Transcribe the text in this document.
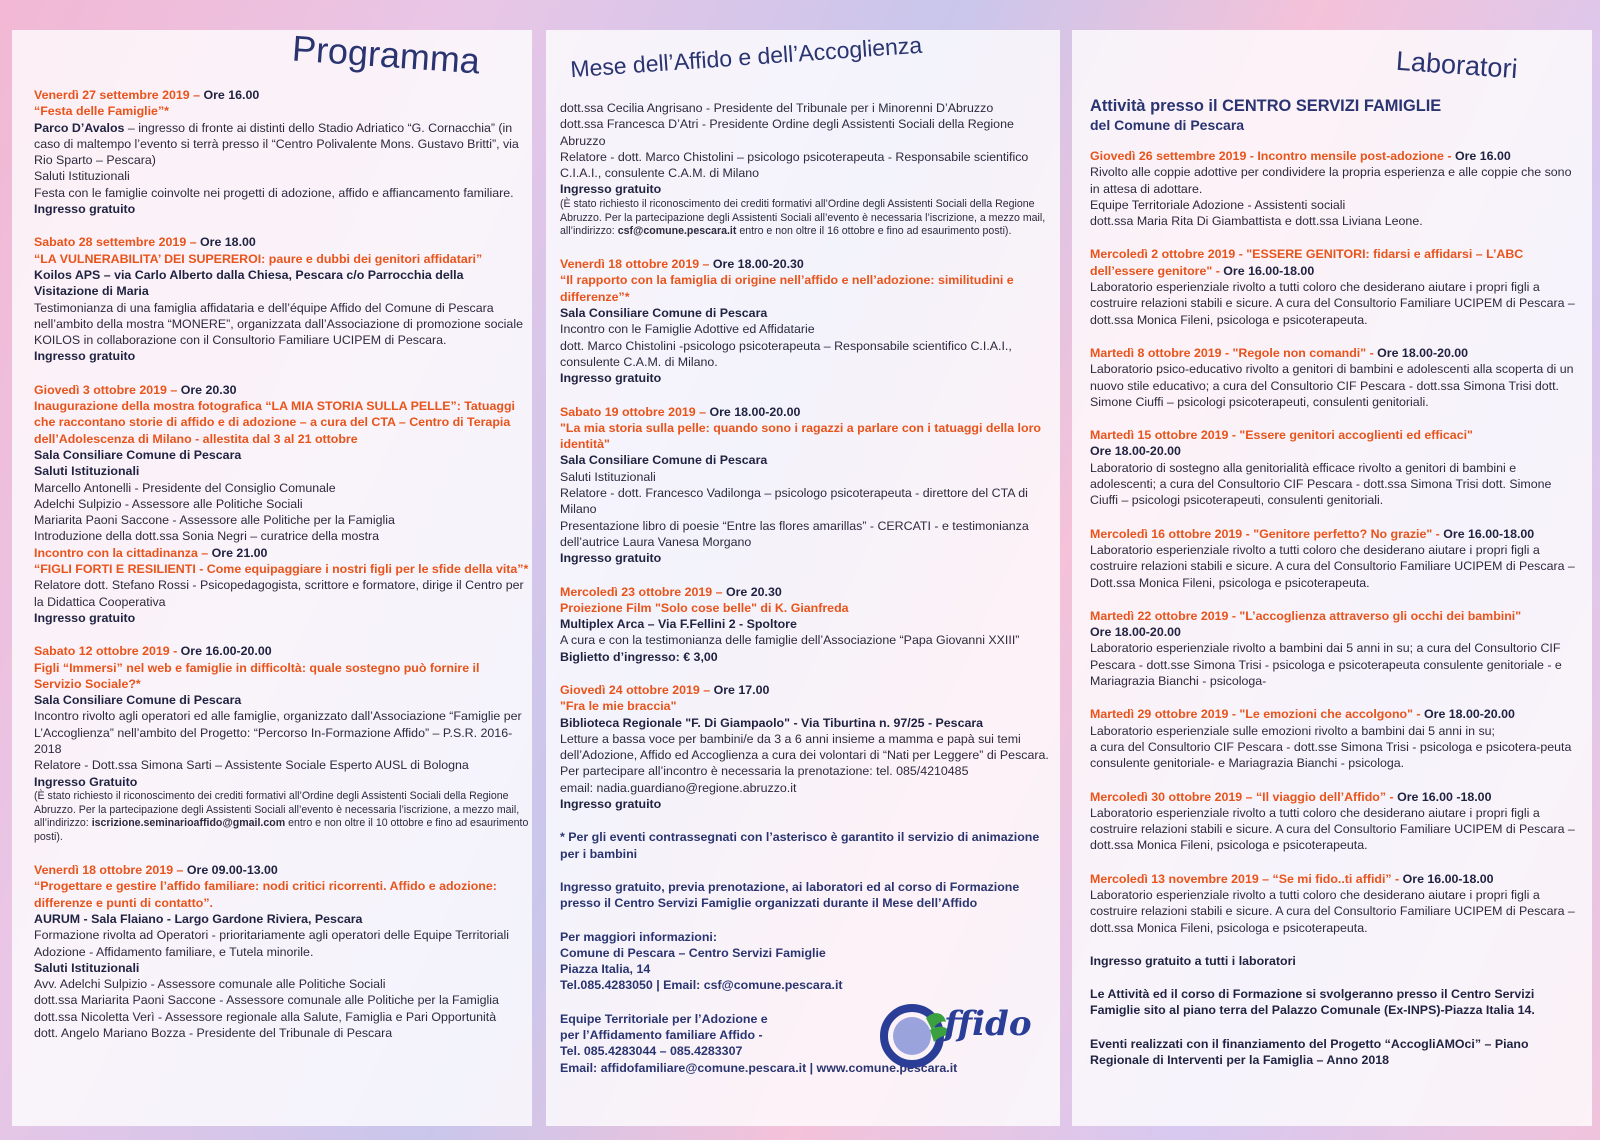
Programma	Mese dell’Affido e dell’Accoglienza	Laboratori
Venerdì 27 settembre 2019 – Ore 16.00
“Festa delle Famiglie”*
Parco D’Avalos – ingresso di fronte ai distinti dello Stadio Adriatico “G. Cornacchia” (in caso di maltempo l’evento si terrà presso il “Centro Polivalente Mons. Gustavo Britti”, via Rio Sparto – Pescara)
Saluti Istituzionali
Festa con le famiglie coinvolte nei progetti di adozione, affido e affiancamento familiare.
Ingresso gratuito
Sabato 28 settembre 2019 – Ore 18.00
“LA VULNERABILITA’ DEI SUPEREROI: paure e dubbi dei genitori affidatari”
Koilos APS – via Carlo Alberto dalla Chiesa, Pescara c/o Parrocchia della Visitazione di Maria
Testimonianza di una famiglia affidataria e dell’équipe Affido del Comune di Pescara nell’ambito della mostra “MONERE”, organizzata dall’Associazione di promozione sociale KOILOS in collaborazione con il Consultorio Familiare UCIPEM di Pescara.
Ingresso gratuito
Giovedì 3 ottobre 2019 – Ore 20.30
Inaugurazione della mostra fotografica “LA MIA STORIA SULLA PELLE”: Tatuaggi che raccontano storie di affido e di adozione – a cura del CTA – Centro di Terapia dell’Adolescenza di Milano - allestita dal 3 al 21 ottobre
Sala Consiliare Comune di Pescara
Saluti Istituzionali
Marcello Antonelli - Presidente del Consiglio Comunale
Adelchi Sulpizio - Assessore alle Politiche Sociali
Mariarita Paoni Saccone - Assessore alle Politiche per la Famiglia
Introduzione della dott.ssa Sonia Negri – curatrice della mostra
Incontro con la cittadinanza – Ore 21.00
“FIGLI FORTI E RESILIENTI - Come equipaggiare i nostri figli per le sfide della vita”*
Relatore dott. Stefano Rossi - Psicopedagogista, scrittore e formatore, dirige il Centro per la Didattica Cooperativa
Ingresso gratuito
Sabato 12 ottobre 2019 - Ore 16.00-20.00
Figli “Immersi” nel web e famiglie in difficoltà: quale sostegno può fornire il Servizio Sociale?*
Sala Consiliare Comune di Pescara
Incontro rivolto agli operatori ed alle famiglie, organizzato dall’Associazione “Famiglie per L’Accoglienza” nell’ambito del Progetto: “Percorso In-Formazione Affido” – P.S.R. 2016-2018
Relatore - Dott.ssa Simona Sarti – Assistente Sociale Esperto AUSL di Bologna
Ingresso Gratuito
(È stato richiesto il riconoscimento dei crediti formativi all’Ordine degli Assistenti Sociali della Regione Abruzzo. Per la partecipazione degli Assistenti Sociali all’evento è necessaria l’iscrizione, a mezzo mail, all’indirizzo: iscrizione.seminarioaffido@gmail.com entro e non oltre il 10 ottobre e fino ad esaurimento posti).
Venerdì 18 ottobre 2019 – Ore 09.00-13.00
“Progettare e gestire l’affido familiare: nodi critici ricorrenti. Affido e adozione: differenze e punti di contatto”.
AURUM - Sala Flaiano - Largo Gardone Riviera, Pescara
Formazione rivolta ad Operatori - prioritariamente agli operatori delle Equipe Territoriali Adozione - Affidamento familiare, e Tutela minorile.
Saluti Istituzionali
Avv. Adelchi Sulpizio - Assessore comunale alle Politiche Sociali
dott.ssa Mariarita Paoni Saccone - Assessore comunale alle Politiche per la Famiglia
dott.ssa Nicoletta Verì - Assessore regionale alla Salute, Famiglia e Pari Opportunità
dott. Angelo Mariano Bozza - Presidente del Tribunale di Pescara
dott.ssa Cecilia Angrisano - Presidente del Tribunale per i Minorenni D’Abruzzo
dott.ssa Francesca D’Atri - Presidente Ordine degli Assistenti Sociali della Regione Abruzzo
Relatore - dott. Marco Chistolini – psicologo psicoterapeuta - Responsabile scientifico C.I.A.I., consulente C.A.M. di Milano
Ingresso gratuito
(È stato richiesto il riconoscimento dei crediti formativi all’Ordine degli Assistenti Sociali della Regione Abruzzo. Per la partecipazione degli Assistenti Sociali all’evento è necessaria l’iscrizione, a mezzo mail, all’indirizzo: csf@comune.pescara.it entro e non oltre il 16 ottobre e fino ad esaurimento posti).
Venerdì 18 ottobre 2019 – Ore 18.00-20.30
“Il rapporto con la famiglia di origine nell’affido e nell’adozione: similitudini e differenze”*
Sala Consiliare Comune di Pescara
Incontro con le Famiglie Adottive ed Affidatarie
dott. Marco Chistolini -psicologo psicoterapeuta – Responsabile scientifico C.I.A.I., consulente C.A.M. di Milano.
Ingresso gratuito
Sabato 19 ottobre 2019 – Ore 18.00-20.00
"La mia storia sulla pelle: quando sono i ragazzi a parlare con i tatuaggi della loro identità"
Sala Consiliare Comune di Pescara
Saluti Istituzionali
Relatore - dott. Francesco Vadilonga – psicologo psicoterapeuta - direttore del CTA di Milano
Presentazione libro di poesie “Entre las flores amarillas” - CERCATI - e testimonianza dell’autrice Laura Vanesa Morgano
Ingresso gratuito
Mercoledì 23 ottobre 2019 – Ore 20.30
Proiezione Film "Solo cose belle" di K. Gianfreda
Multiplex Arca – Via F.Fellini 2 - Spoltore
A cura e con la testimonianza delle famiglie dell’Associazione “Papa Giovanni XXIII”
Biglietto d’ingresso: € 3,00
Giovedì 24 ottobre 2019 – Ore 17.00
"Fra le mie braccia"
Biblioteca Regionale "F. Di Giampaolo" - Via Tiburtina n. 97/25 - Pescara
Letture a bassa voce per bambini/e da 3 a 6 anni insieme a mamma e papà sui temi dell’Adozione, Affido ed Accoglienza a cura dei volontari di “Nati per Leggere” di Pescara.
Per partecipare all’incontro è necessaria la prenotazione: tel. 085/4210485
email: nadia.guardiano@regione.abruzzo.it
Ingresso gratuito
* Per gli eventi contrassegnati con l’asterisco è garantito il servizio di animazione per i bambini
Ingresso gratuito, previa prenotazione, ai laboratori ed al corso di Formazione presso il Centro Servizi Famiglie organizzati durante il Mese dell’Affido
Per maggiori informazioni:
Comune di Pescara – Centro Servizi Famiglie
Piazza Italia, 14
Tel.085.4283050 | Email: csf@comune.pescara.it
Equipe Territoriale per l’Adozione e
per l’Affidamento familiare Affido -
Tel. 085.4283044 – 085.4283307
Email: affidofamiliare@comune.pescara.it | www.comune.pescara.it
Attività presso il CENTRO SERVIZI FAMIGLIE
del Comune di Pescara
Giovedì 26 settembre 2019 - Incontro mensile post-adozione - Ore 16.00
Rivolto alle coppie adottive per condividere la propria esperienza e alle coppie che sono in attesa di adottare.
Equipe Territoriale Adozione - Assistenti sociali
dott.ssa Maria Rita Di Giambattista e dott.ssa Liviana Leone.
Mercoledì 2 ottobre 2019 - "ESSERE GENITORI: fidarsi e affidarsi – L’ABC dell’essere genitore" - Ore 16.00-18.00
Laboratorio esperienziale rivolto a tutti coloro che desiderano aiutare i propri figli a costruire relazioni stabili e sicure. A cura del Consultorio Familiare UCIPEM di Pescara – dott.ssa Monica Fileni, psicologa e psicoterapeuta.
Martedì 8 ottobre 2019 - "Regole non comandi" - Ore 18.00-20.00
Laboratorio psico-educativo rivolto a genitori di bambini e adolescenti alla scoperta di un nuovo stile educativo; a cura del Consultorio CIF Pescara - dott.ssa Simona Trisi dott. Simone Ciuffi – psicologi psicoterapeuti, consulenti genitoriali.
Martedì 15 ottobre 2019 - "Essere genitori accoglienti ed efficaci"
Ore 18.00-20.00
Laboratorio di sostegno alla genitorialità efficace rivolto a genitori di bambini e adolescenti; a cura del Consultorio CIF Pescara - dott.ssa Simona Trisi dott. Simone Ciuffi – psicologi psicoterapeuti, consulenti genitoriali.
Mercoledì 16 ottobre 2019 - "Genitore perfetto? No grazie" - Ore 16.00-18.00
Laboratorio esperienziale rivolto a tutti coloro che desiderano aiutare i propri figli a costruire relazioni stabili e sicure. A cura del Consultorio Familiare UCIPEM di Pescara – Dott.ssa Monica Fileni, psicologa e psicoterapeuta.
Martedì 22 ottobre 2019 - "L’accoglienza attraverso gli occhi dei bambini"
Ore 18.00-20.00
Laboratorio esperienziale rivolto a bambini dai 5 anni in su; a cura del Consultorio CIF Pescara - dott.sse Simona Trisi - psicologa e psicoterapeuta consulente genitoriale - e Mariagrazia Bianchi - psicologa-
Martedì 29 ottobre 2019 - "Le emozioni che accolgono" - Ore 18.00-20.00
Laboratorio esperienziale sulle emozioni rivolto a bambini dai 5 anni in su;
a cura del Consultorio CIF Pescara - dott.sse Simona Trisi - psicologa e psicotera-peuta consulente genitoriale- e Mariagrazia Bianchi - psicologa.
Mercoledì 30 ottobre 2019 – “Il viaggio dell’Affido” - Ore 16.00 -18.00
Laboratorio esperienziale rivolto a tutti coloro che desiderano aiutare i propri figli a costruire relazioni stabili e sicure. A cura del Consultorio Familiare UCIPEM di Pescara – dott.ssa Monica Fileni, psicologa e psicoterapeuta.
Mercoledì 13 novembre 2019 – “Se mi fido..ti affidi” - Ore 16.00-18.00
Laboratorio esperienziale rivolto a tutti coloro che desiderano aiutare i propri figli a costruire relazioni stabili e sicure. A cura del Consultorio Familiare UCIPEM di Pescara – dott.ssa Monica Fileni, psicologa e psicoterapeuta.
Ingresso gratuito a tutti i laboratori
Le Attività ed il corso di Formazione si svolgeranno presso il Centro Servizi Famiglie sito al piano terra del Palazzo Comunale (Ex-INPS)-Piazza Italia 14.
Eventi realizzati con il finanziamento del Progetto “AccogliAMOci” – Piano Regionale di Interventi per la Famiglia – Anno 2018
ffido
